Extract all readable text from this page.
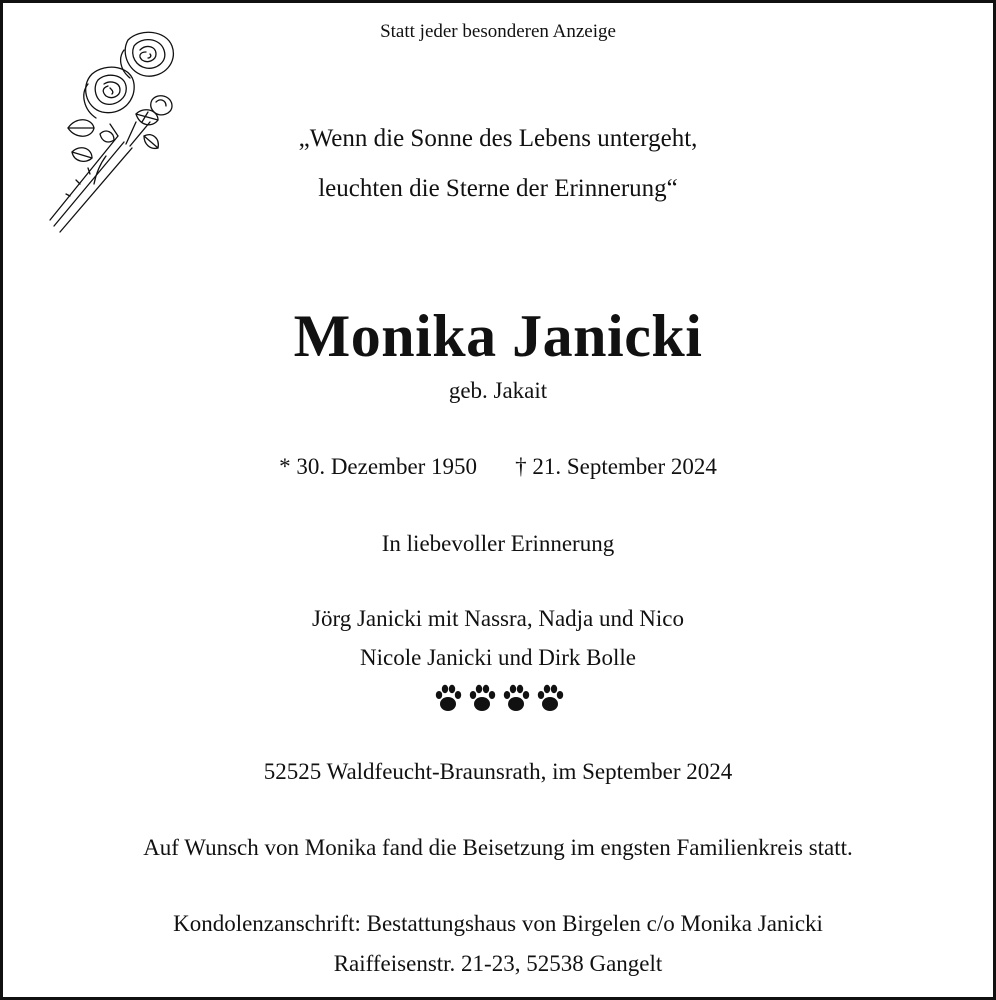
Statt jeder besonderen Anzeige
„Wenn die Sonne des Lebens untergeht,
leuchten die Sterne der Erinnerung“
Monika Janicki
geb. Jakait
* 30. Dezember 1950 † 21. September 2024
In liebevoller Erinnerung
Jörg Janicki mit Nassra, Nadja und Nico
Nicole Janicki und Dirk Bolle
52525 Waldfeucht-Braunsrath, im September 2024
Auf Wunsch von Monika fand die Beisetzung im engsten Familienkreis statt.
Kondolenzanschrift: Bestattungshaus von Birgelen c/o Monika Janicki
Raiffeisenstr. 21-23, 52538 Gangelt
